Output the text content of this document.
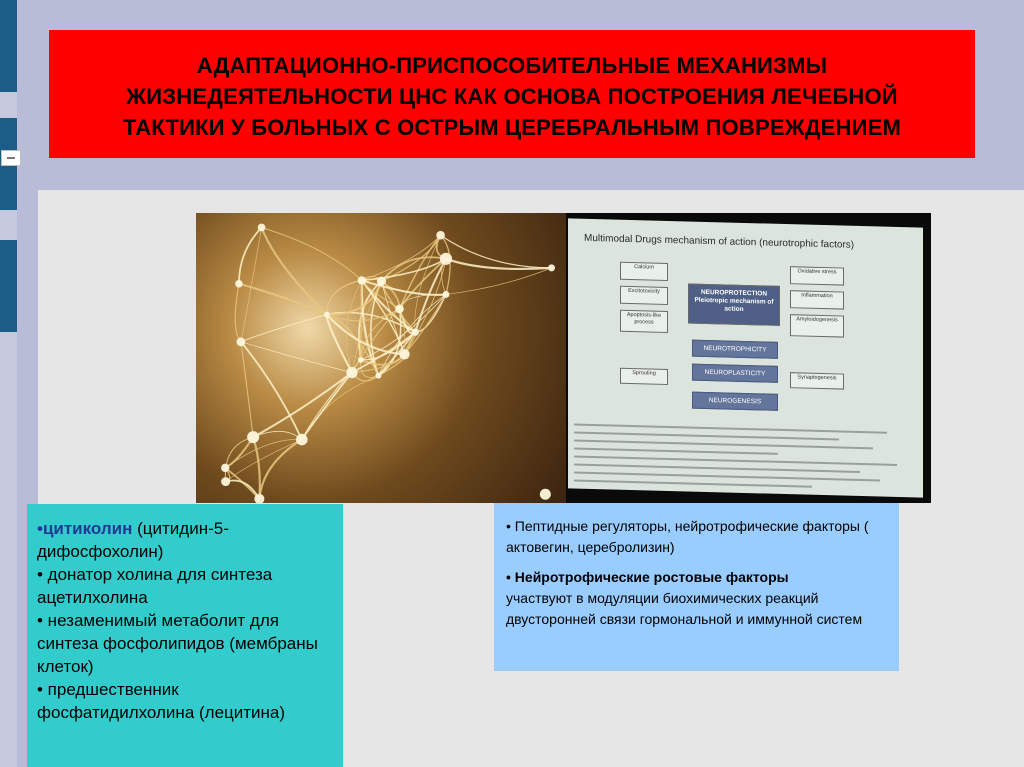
АДАПТАЦИОННО-ПРИСПОСОБИТЕЛЬНЫЕ МЕХАНИЗМЫ ЖИЗНЕДЕЯТЕЛЬНОСТИ ЦНС КАК ОСНОВА ПОСТРОЕНИЯ ЛЕЧЕБНОЙ ТАКТИКИ У БОЛЬНЫХ С ОСТРЫМ ЦЕРЕБРАЛЬНЫМ ПОВРЕЖДЕНИЕМ
Multimodal Drugs mechanism of action (neurotrophic factors)
Calcium
Excitotoxicity
Apoptosis-like process
NEUROPROTECTION Pleiotropic mechanism of action
Oxidative stress
Inflammation
Amyloidogenesis
NEUROTROPHICITY
NEUROPLASTICITY
NEUROGENESIS
Sprouting
Synaptogenesis

•цитиколин (цитидин-5-дифосфохолин)

• донатор холина для синтеза ацетилхолина

• незаменимый метаболит для синтеза фосфолипидов (мембраны клеток)

• предшественник фосфатидилхолина (лецитина)

• Пептидные регуляторы, нейротрофические факторы ( актовегин, церебролизин)

• Нейротрофические ростовые факторы
участвуют в модуляции биохимических реакций двусторонней связи гормональной и иммунной систем
